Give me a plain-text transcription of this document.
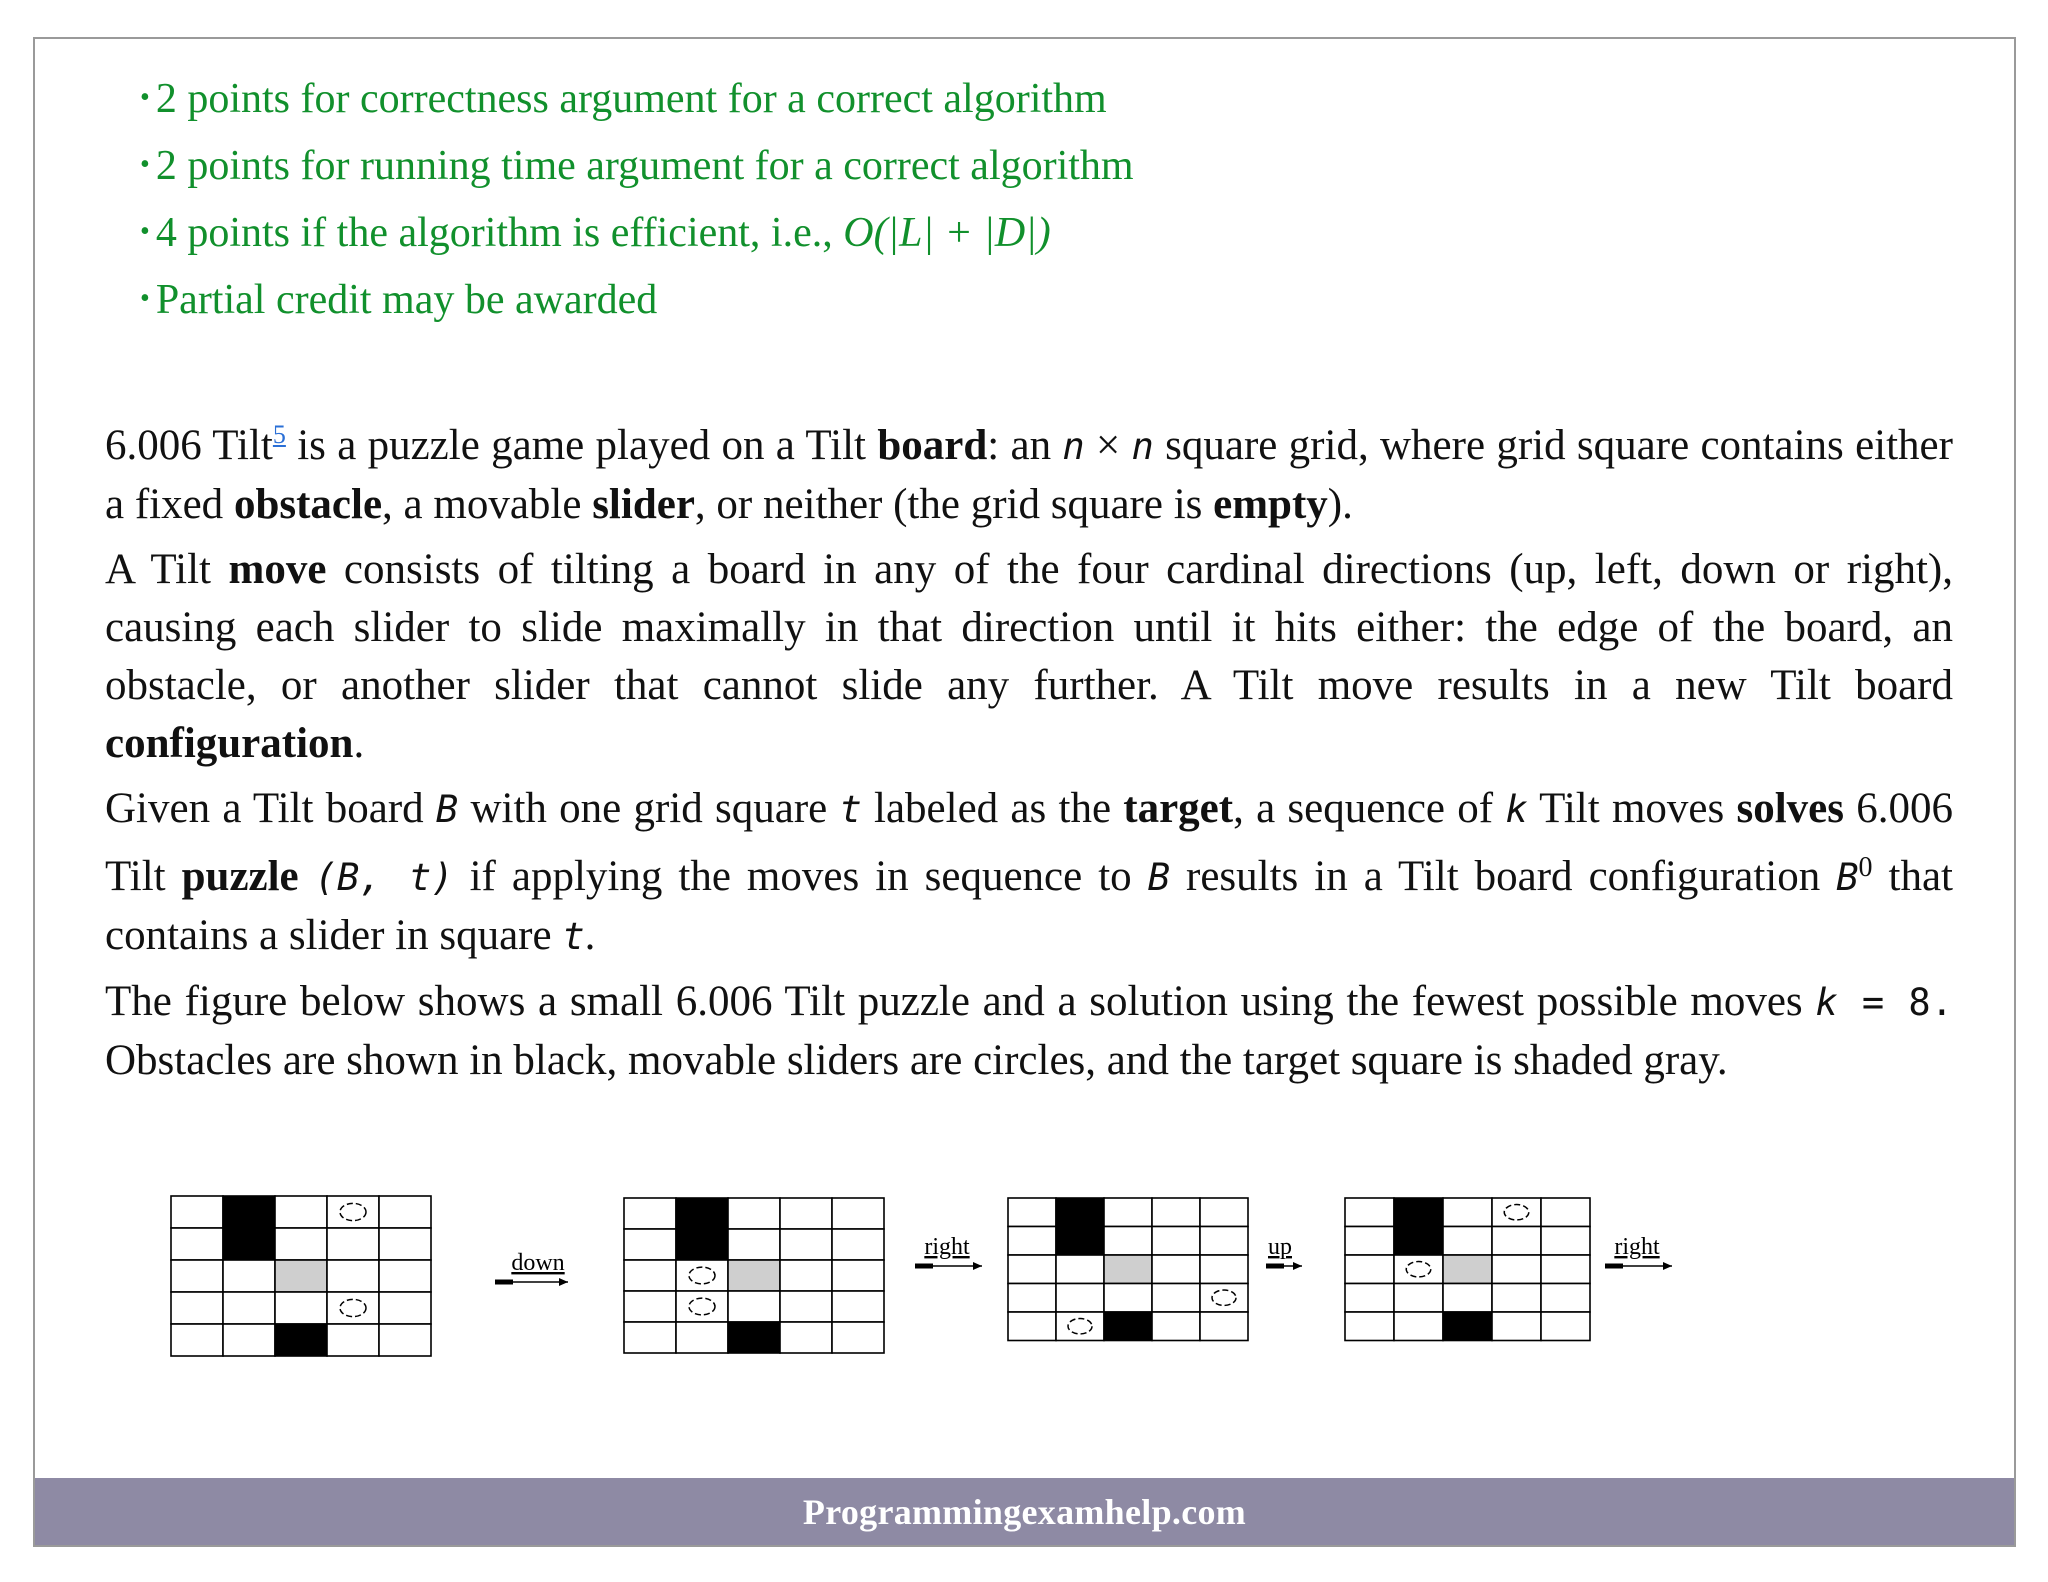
• 2 points for correctness argument for a correct algorithm
• 2 points for running time argument for a correct algorithm
• 4 points if the algorithm is efficient, i.e., O(|L| + |D|)
• Partial credit may be awarded
6.006 Tilt$^5$ is a puzzle game played on a Tilt board: an n × n square grid, where grid square contains either a fixed obstacle, a movable slider, or neither (the grid square is empty).
A Tilt move consists of tilting a board in any of the four cardinal directions (up, left, down or right), causing each slider to slide maximally in that direction until it hits either: the edge of the board, an obstacle, or another slider that cannot slide any further. A Tilt move results in a new Tilt board configuration.
Given a Tilt board B with one grid square t labeled as the target, a sequence of k Tilt moves solves 6.006 Tilt puzzle (B, t) if applying the moves in sequence to B results in a Tilt board configuration $B^0$ that contains a slider in square t.
The figure below shows a small 6.006 Tilt puzzle and a solution using the fewest possible moves k = 8. Obstacles are shown in black, movable sliders are circles, and the target square is shaded gray.
down
right	up	right
Programmingexamhelp.com
